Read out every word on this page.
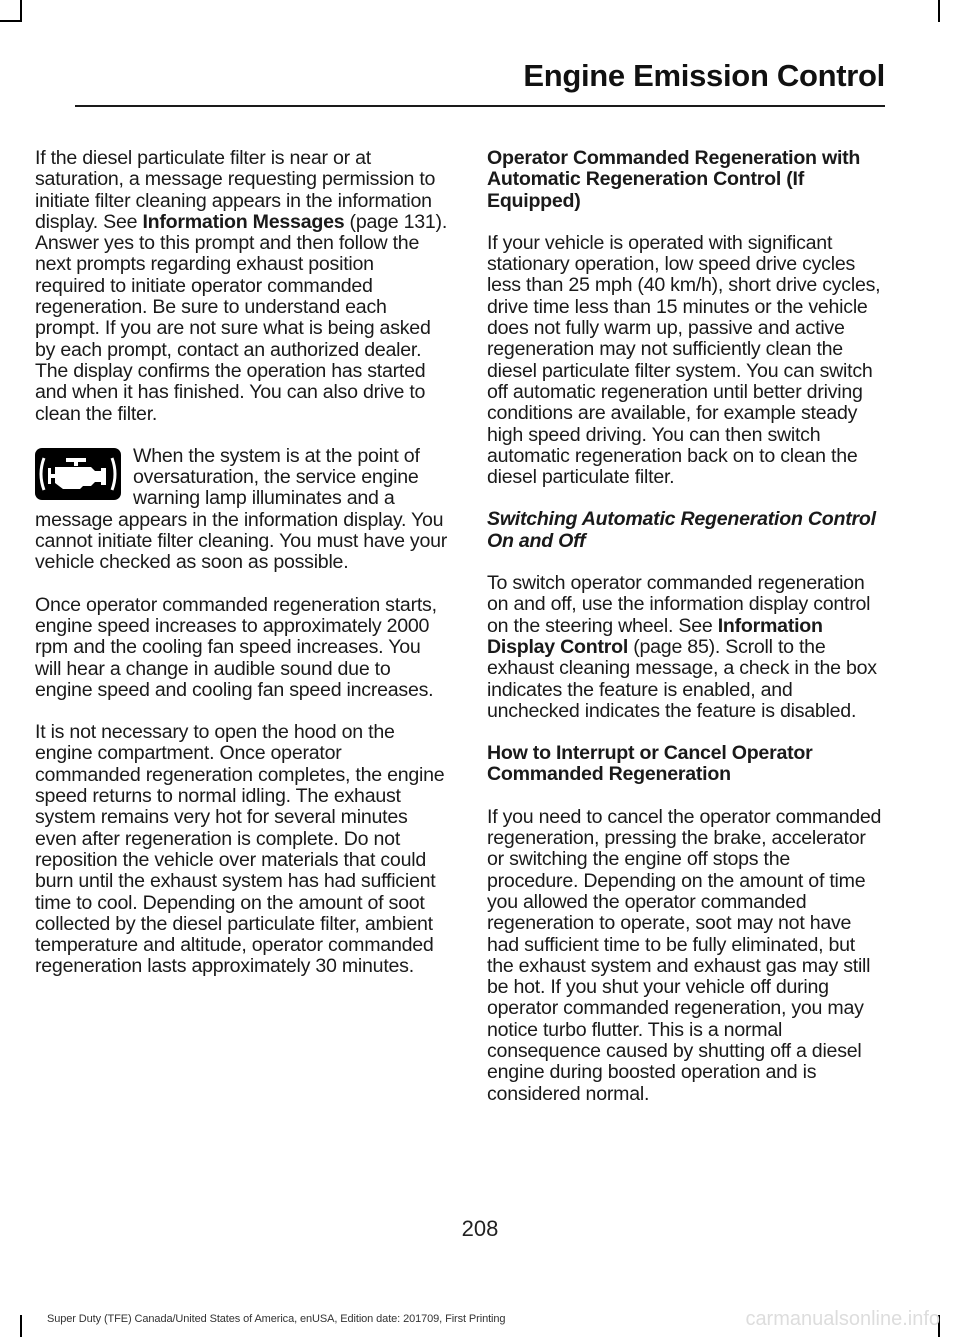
Engine Emission Control

If the diesel particulate filter is near or at saturation, a message requesting permission to initiate filter cleaning appears in the information display. See Information Messages (page 131). Answer yes to this prompt and then follow the next prompts regarding exhaust position required to initiate operator commanded regeneration. Be sure to understand each prompt. If you are not sure what is being asked by each prompt, contact an authorized dealer. The display confirms the operation has started and when it has finished. You can also drive to clean the filter.

When the system is at the point of oversaturation, the service engine warning lamp illuminates and a message appears in the information display. You cannot initiate filter cleaning. You must have your vehicle checked as soon as possible.

Once operator commanded regeneration starts, engine speed increases to approximately 2000 rpm and the cooling fan speed increases. You will hear a change in audible sound due to engine speed and cooling fan speed increases.

It is not necessary to open the hood on the engine compartment. Once operator commanded regeneration completes, the engine speed returns to normal idling. The exhaust system remains very hot for several minutes even after regeneration is complete. Do not reposition the vehicle over materials that could burn until the exhaust system has had sufficient time to cool. Depending on the amount of soot collected by the diesel particulate filter, ambient temperature and altitude, operator commanded regeneration lasts approximately 30 minutes.

Operator Commanded Regeneration with Automatic Regeneration Control (If Equipped)

If your vehicle is operated with significant stationary operation, low speed drive cycles less than 25 mph (40 km/h), short drive cycles, drive time less than 15 minutes or the vehicle does not fully warm up, passive and active regeneration may not sufficiently clean the diesel particulate filter system. You can switch off automatic regeneration until better driving conditions are available, for example steady high speed driving. You can then switch automatic regeneration back on to clean the diesel particulate filter.

Switching Automatic Regeneration Control On and Off

To switch operator commanded regeneration on and off, use the information display control on the steering wheel. See Information Display Control (page 85). Scroll to the exhaust cleaning message, a check in the box indicates the feature is enabled, and unchecked indicates the feature is disabled.

How to Interrupt or Cancel Operator Commanded Regeneration

If you need to cancel the operator commanded regeneration, pressing the brake, accelerator or switching the engine off stops the procedure. Depending on the amount of time you allowed the operator commanded regeneration to operate, soot may not have had sufficient time to be fully eliminated, but the exhaust system and exhaust gas may still be hot. If you shut your vehicle off during operator commanded regeneration, you may notice turbo flutter. This is a normal consequence caused by shutting off a diesel engine during boosted operation and is considered normal.

208
Super Duty (TFE) Canada/United States of America, enUSA, Edition date: 201709, First Printing	carmanualsonline.info
